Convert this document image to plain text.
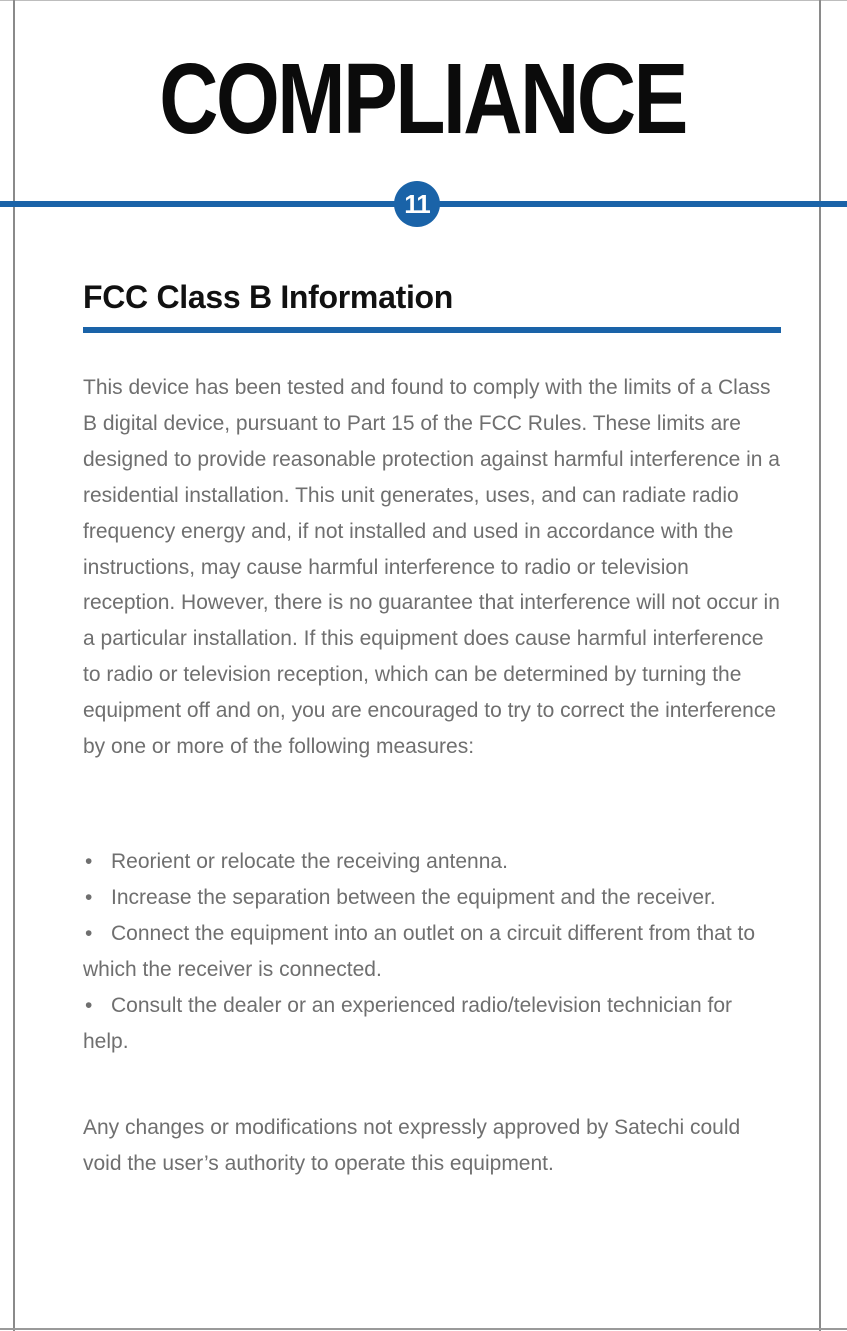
COMPLIANCE
11
FCC Class B Information

This device has been tested and found to comply with the limits of a Class B digital device, pursuant to Part 15 of the FCC Rules. These limits are designed to provide reasonable protection against harmful interference in a residential installation. This unit generates, uses, and can radiate radio frequency energy and, if not installed and used in accordance with the instructions, may cause harmful interference to radio or television reception. However, there is no guarantee that interference will not occur in a particular installation. If this equipment does cause harmful interference to radio or television reception, which can be determined by turning the equipment off and on, you are encouraged to try to correct the interference by one or more of the following measures:

• Reorient or relocate the receiving antenna.
• Increase the separation between the equipment and the receiver.
• Connect the equipment into an outlet on a circuit different from that to which the receiver is connected.
• Consult the dealer or an experienced radio/television technician for help.

Any changes or modifications not expressly approved by Satechi could void the user’s authority to operate this equipment.
